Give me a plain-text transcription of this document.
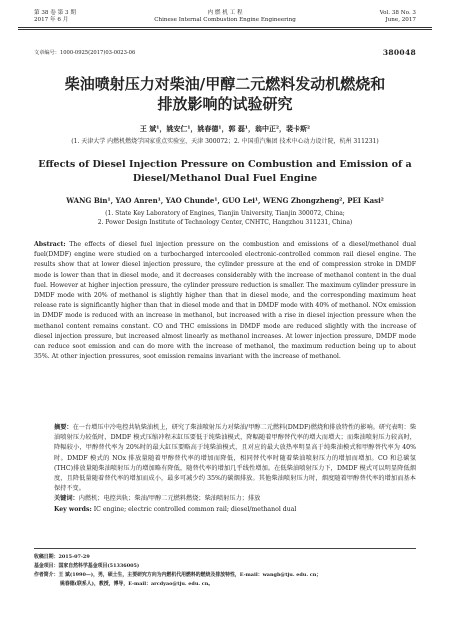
第 38 卷 第 3 期
2017 年 6 月
内 燃 机 工 程
Chinese Internal Combustion Engine Engineering
Vol. 38 No. 3
June, 2017
文章编号：1000-0925(2017)03-0023-06	380048
柴油喷射压力对柴油/甲醇二元燃料发动机燃烧和
排放影响的试验研究
王 斌¹，姚安仁¹，姚春德¹，郭 磊¹，翁中正²，裴卡斯²
(1. 天津大学 内燃机燃烧学国家重点实验室，天津 300072；2. 中国重汽集团 技术中心动力设计院，杭州 311231)
Effects of Diesel Injection Pressure on Combustion and Emission of a
Diesel/Methanol Dual Fuel Engine
WANG Bin¹, YAO Anren¹, YAO Chunde¹, GUO Lei¹, WENG Zhongzheng², PEI Kasi²
(1. State Key Laboratory of Engines, Tianjin University, Tianjin 300072, China;
2. Power Design Institute of Technology Center, CNHTC, Hangzhou 311231, China)
Abstract: The effects of diesel fuel injection pressure on the combustion and emissions of a diesel/methanol dual fuel(DMDF) engine were studied on a turbocharged intercooled electronic-controlled common rail diesel engine. The results show that at lower diesel injection pressure, the cylinder pressure at the end of compression stroke in DMDF mode is lower than that in diesel mode, and it decreases considerably with the increase of methanol content in the dual fuel. However at higher injection pressure, the cylinder pressure reduction is smaller. The maximum cylinder pressure in DMDF mode with 20% of methanol is slightly higher than that in diesel mode, and the corresponding maximum heat release rate is significantly higher than that in diesel mode and that in DMDF mode with 40% of methanol. NOx emission in DMDF mode is reduced with an increase in methanol, but increased with a rise in diesel injection pressure when the methanol content remains constant. CO and THC emissions in DMDF mode are reduced slightly with the increase of diesel injection pressure, but increased almost linearly as methanol increases. At lower injection pressure, DMDF mode can reduce soot emission and can do more with the increase of methanol, the maximum reduction being up to about 35%. At other injection pressures, soot emission remains invariant with the increase of methanol.
摘要：在一台增压中冷电控共轨柴油机上，研究了柴油喷射压力对柴油/甲醇二元燃料(DMDF)燃烧和排放特性的影响。研究表明：柴油喷射压力较低时，DMDF 模式压缩冲程末缸压要低于纯柴油模式，降幅随着甲醇替代率的增大而增大；而柴油喷射压力较高时，降幅较小，甲醇替代率为 20%时的最大缸压要略高于纯柴油模式，且对应的最大放热率明显高于纯柴油模式和甲醇替代率为 40%时。DMDF 模式的 NOx 排放量随着甲醇替代率的增加而降低，相同替代率时随着柴油喷射压力的增加而增加。CO 和总碳氢(THC)排放量随柴油喷射压力的增加略有降低，随替代率的增加几乎线性增加。在低柴油喷射压力下，DMDF 模式可以明显降低烟度，且降低量随着替代率的增加而成小，最多可减少约 35%的碳烟排放。其他柴油喷射压力时，烟度随着甲醇替代率的增加而基本保持不变。
关键词：内燃机；电控共轨；柴油/甲醇二元燃料燃烧；柴油喷射压力；排放
Key words: IC engine; electric controlled common rail; diesel/methanol dual
收稿日期：2015-07-29
基金项目：国家自然科学基金项目(51336005)
作者简介：王 斌(1990—)，男，硕士生，主要研究方向为内燃机代用燃料的燃烧及排放特性，E-mail：wangb@tju. edu. cn；
姚春德(联系人)，教授，博导，E-mail：arcdyao@tju. edu. cn。
